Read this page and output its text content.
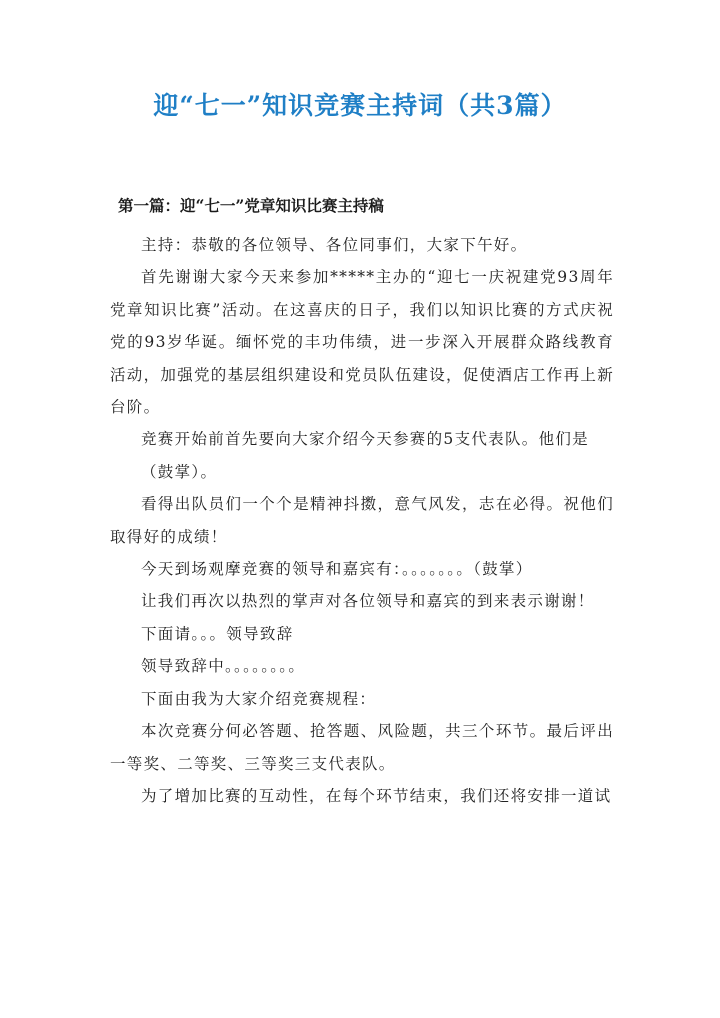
迎“七一”知识竞赛主持词（共3篇）
第一篇：迎“七一”党章知识比赛主持稿

主持：恭敬的各位领导、各位同事们，大家下午好。

首先谢谢大家今天来参加*****主办的“迎七一庆祝建党93周年党章知识比赛”活动。在这喜庆的日子，我们以知识比赛的方式庆祝党的93岁华诞。缅怀党的丰功伟绩，进一步深入开展群众路线教育活动，加强党的基层组织建设和党员队伍建设，促使酒店工作再上新台阶。

竞赛开始前首先要向大家介绍今天参赛的5支代表队。他们是

（鼓掌）。

看得出队员们一个个是精神抖擞，意气风发，志在必得。祝他们取得好的成绩！

今天到场观摩竞赛的领导和嘉宾有：。。。。。。。（鼓掌）

让我们再次以热烈的掌声对各位领导和嘉宾的到来表示谢谢！

下面请。。。领导致辞

领导致辞中。。。。。。。。

下面由我为大家介绍竞赛规程：

本次竞赛分何必答题、抢答题、风险题，共三个环节。最后评出一等奖、二等奖、三等奖三支代表队。

为了增加比赛的互动性，在每个环节结束，我们还将安排一道试
